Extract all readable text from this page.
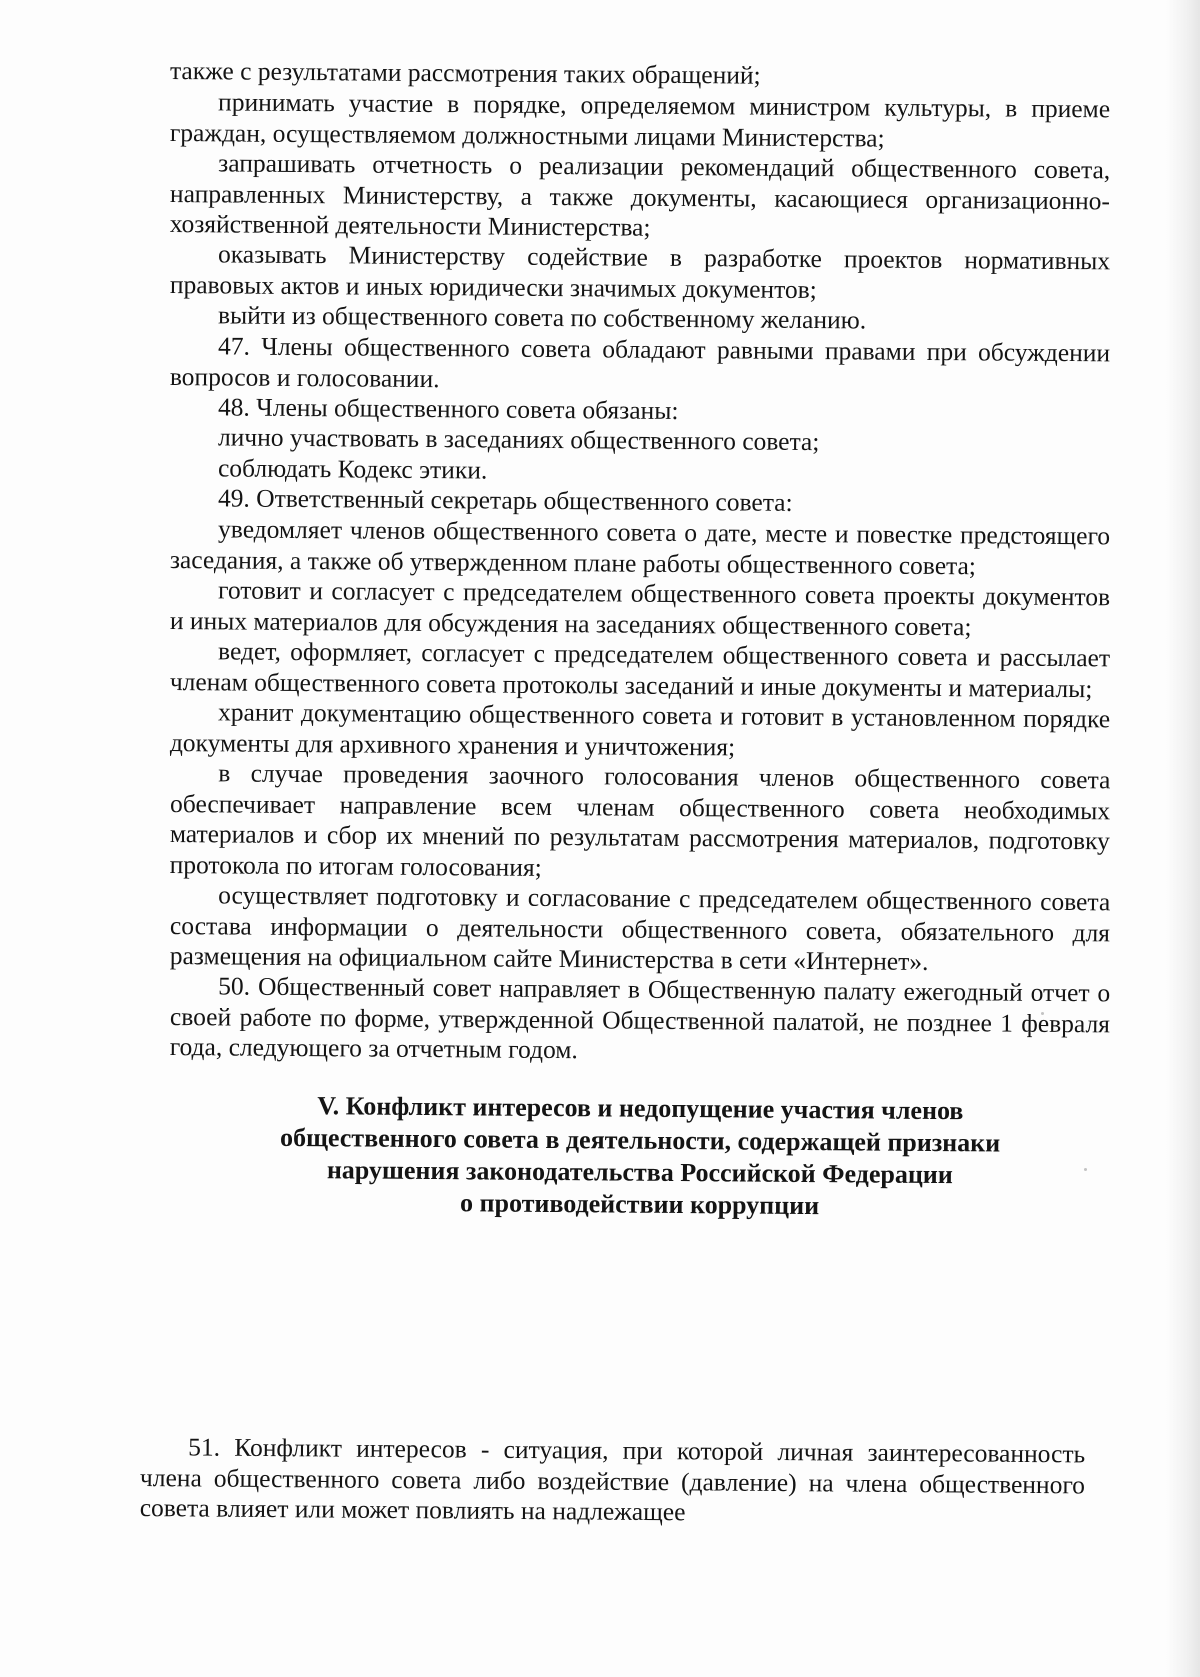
также с результатами рассмотрения таких обращений;

принимать участие в порядке, определяемом министром культуры, в приеме граждан, осуществляемом должностными лицами Министерства;

запрашивать отчетность о реализации рекомендаций общественного совета, направленных Министерству, а также документы, касающиеся организационно-хозяйственной деятельности Министерства;

оказывать Министерству содействие в разработке проектов нормативных правовых актов и иных юридически значимых документов;

выйти из общественного совета по собственному желанию.

47. Члены общественного совета обладают равными правами при обсуждении вопросов и голосовании.

48. Члены общественного совета обязаны:

лично участвовать в заседаниях общественного совета;

соблюдать Кодекс этики.

49. Ответственный секретарь общественного совета:

уведомляет членов общественного совета о дате, месте и повестке предстоящего заседания, а также об утвержденном плане работы общественного совета;

готовит и согласует с председателем общественного совета проекты документов и иных материалов для обсуждения на заседаниях общественного совета;

ведет, оформляет, согласует с председателем общественного совета и рассылает членам общественного совета протоколы заседаний и иные документы и материалы;

хранит документацию общественного совета и готовит в установленном порядке документы для архивного хранения и уничтожения;

в случае проведения заочного голосования членов общественного совета обеспечивает направление всем членам общественного совета необходимых материалов и сбор их мнений по результатам рассмотрения материалов, подготовку протокола по итогам голосования;

осуществляет подготовку и согласование с председателем общественного совета состава информации о деятельности общественного совета, обязательного для размещения на официальном сайте Министерства в сети «Интернет».

50. Общественный совет направляет в Общественную палату ежегодный отчет о своей работе по форме, утвержденной Общественной палатой, не позднее 1 февраля года, следующего за отчетным годом.

V. Конфликт интересов и недопущение участия членов
общественного совета в деятельности, содержащей признаки
нарушения законодательства Российской Федерации
о противодействии коррупции

51. Конфликт интересов - ситуация, при которой личная заинтересованность члена общественного совета либо воздействие (давление) на члена общественного совета влияет или может повлиять на надлежащее
